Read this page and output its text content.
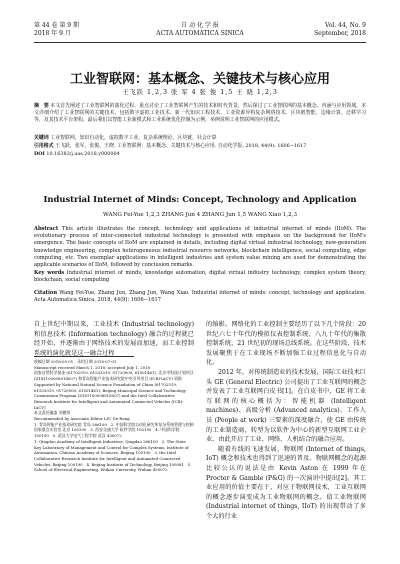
第 44 卷 第 9 期
2018 年 9 月
自 动 化 学 报
ACTA AUTOMATICA SINICA
Vol. 44, No. 9
September, 2018
工业智联网：基本概念、关键技术与核心应用
王飞跃 1,2,3 张 军 4 张 俊 1,5 王 晓 1,2,3
摘　要 本文首先阐述了工业智联网的演化过程，重点讨论了工业智联网产生的技术和时代背景，然后探讨了工业智联网的基本概念、内涵与应用领域。本文详细介绍了工业智联网的关键技术，包括数字虚拟工业技术、新一代知识工程技术、工业资源异构复杂网络技术、区块链智能、边缘计算、迁移学习等，及其技术平台架构，最后我们以智能工业新模式和工业系统优化控制为示例，举例说明工业智联网的应用模式。
关键词 工业智联网，知识自动化，虚拟数字工业，复杂系统理论，区块链，社会计算
引用格式 王飞跃，张军，张俊，王晓. 工业智联网：基本概念、关键技术与核心应用. 自动化学报, 2018, 44(9): 1606−1617
DOI 10.16383/j.aas.2018.y000004
Industrial Internet of Minds: Concept, Technology and Application
WANG Fei-Yue 1,2,3 ZHANG Jun 4 ZHANG Jun 1,5 WANG Xiao 1,2,3
Abstract This article illustrates the concept, technology and applications of industrial internet of minds (IIoM). The evolutionary process of inter-connected industrial technology is presented with emphasis on the background for IIoM's emergence. The basic concepts of IIoM are explained in details, including digital virtual industrial technology, new-generation knowledge engineering, complex heterogeneous industrial resource networks, blockchain intelligence, social computing, edge computing, etc. Two exemplar applications in intelligent industries and system value mining are used for demonstrating the applicable scenarios of IIoM, followed by conclusion remarks.
Key words Industrial internet of minds, knowledge automation, digital virtual industry technology, complex system theory, blockchain, social computing
Citation Wang Fei-Yue, Zhang Jun, Zhang Jun, Wang Xiao. Industrial internet of minds: concept, technology and application. Acta Automatica Sinica, 2018, 44(9): 1606−1617
自上世纪中期以来，工业技术 (Industrial technology) 和信息技术 (Information technology) 融合的过程就已经开始，并逐渐由于网络技术的发展而加速，而工业控制系统的演化就是这一融合过程
收稿日期 2018-05-01　录用日期 2018-07-01
Manuscript received March 1, 2018; accepted July 1, 2018
国家自然科学基金 (61702519, 61533019, 91720000, 61501461), 北京市科技计划项目 (Z181100008918007) 和青岛智能产业技术研究院中央引导项目 (ICRI-IACV) 资助
Supported by National Natural Science Foundation of China (61702519, 61533019, 91720000, 61501461), Beijing Municipal Science and Technology Commission Program (Z181100008918007) and the Intel Collaborative Research Institute for Intelligent and Automated Connected Vehicles (ICRI-IACV)
本文责任编委 刘德荣
Recommended by Associate Editor LIU De-Rong
1. 青岛智能产业技术研究院 青岛 266109　2. 中国科学院自动化研究所复杂系统管理与控制国家重点实验室 北京 100190　3. 西安交通大学 软件学院 100190　4. 中国科学院 100190　5. 武汉大学电气工程学院 武汉 430072
1. Qingdao Academy of Intelligent Industries, Qingdao 266109　2. The State Key Laboratory of Management and Control for Complex Systems, Institute of Automation, Chinese Academy of Sciences, Beijing 100190　3. the Intel Collaborative Research Institute for Intelligent and Automated Connected Vehicles, Beijing 100190　4. Beijing Institute of Technology, Beijing 100081　5. School of Electrical Engineering, Wuhan University, Wuhan 430072
的缩影。网络化的工业控制主要经历了以下几个阶段：20 世纪六七十年代的模拟仪表控制系统、八九十年代的集散控制系统、21 世纪初的现场总线系统。在这些阶段，技术发展聚焦于在工业现场不断加强工业过程信息化与自动化。
2012 年，对传统制造业的技术发展，国际工业技术巨头 GE (General Electric) 公司提出了工业互联网的概念并发表了工业互联网白皮书[1]。在白皮书中，GE 将工业互联网的核心概括为：智能机器 (Intelligent machines)、高级分析 (Advanced analytics)、工作人员 (People at work) 三要素的深度融合，使 GE 由传统的工业制造商，转型为以软件为中心的新型互联网工业企业，由此开启了工业、网络、人机结合的融合应用。
随着有线的飞速发展，物联网 (Internet of things, IoT) 概念和技术也得到了迅速的普及。物联网概念的起源比较公认的说法是由 Kevin Aston 在 1999 年在 Procter & Gamble (P&G) 的一次演讲中提出[2]。其工业应用的价值主要在于，对应于物联网技术，工业互联网的概念逐步演变成为工业物联网的概念。值工业物联网 (Industrial internet of things, IIoT) 的出现带动了多个大的行业
